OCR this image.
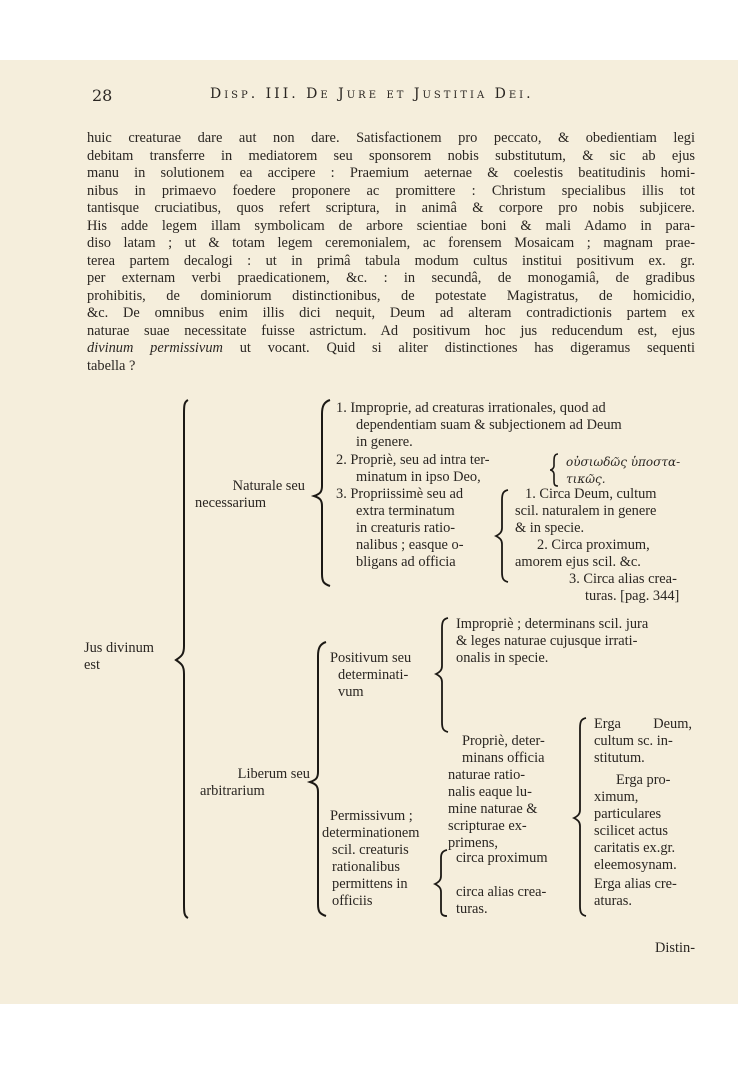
28	Disp. III. De Jure et Justitia Dei.
huic creaturae dare aut non dare. Satisfactionem pro peccato, & obedientiam legi
debitam transferre in mediatorem seu sponsorem nobis substitutum, & sic ab ejus
manu in solutionem ea accipere : Praemium aeternae & coelestis beatitudinis homi-
nibus in primaevo foedere proponere ac promittere : Christum specialibus illis tot
tantisque cruciatibus, quos refert scriptura, in animâ & corpore pro nobis subjicere.
His adde legem illam symbolicam de arbore scientiae boni & mali Adamo in para-
diso latam ; ut & totam legem ceremonialem, ac forensem Mosaicam ; magnam prae-
terea partem decalogi : ut in primâ tabula modum cultus institui positivum ex. gr.
per externam verbi praedicationem, &c. : in secundâ, de monogamiâ, de gradibus
prohibitis, de dominiorum distinctionibus, de potestate Magistratus, de homicidio,
&c. De omnibus enim illis dici nequit, Deum ad alteram contradictionis partem ex
naturae suae necessitate fuisse astrictum. Ad positivum hoc jus reducendum est, ejus
divinum permissivum ut vocant. Quid si aliter distinctiones has digeramus sequenti
tabella ?
Jus divinum
est
Naturale seu
necessarium
Liberum seu
arbitrarium
1. Improprie, ad creaturas irrationales, quod ad
dependentiam suam & subjectionem ad Deum
in genere.
2. Propriè, seu ad intra ter-
minatum in ipso Deo,
οὐσιωδῶς ὑποστα-
τικῶς.
3. Propriissimè seu ad
extra terminatum
in creaturis ratio-
nalibus ; easque o-
bligans ad officia
1. Circa Deum, cultum
scil. naturalem in genere
& in specie.
2. Circa proximum,
amorem ejus scil. &c.
3. Circa alias crea-
turas. [pag. 344]
Positivum seu
determinati-
vum
Impropriè ; determinans scil. jura
& leges naturae cujusque irrati-
onalis in specie.
Propriè, deter-
minans officia
naturae ratio-
nalis eaque lu-
mine naturae &
scripturae ex-
primens,
Erga Deum,
cultum sc. in-
stitutum.
Erga pro-
ximum,
particulares
scilicet actus
caritatis ex.gr.
eleemosynam.
Erga alias cre-
aturas.
Permissivum ;
determinationem
scil. creaturis
rationalibus
permittens in
officiis
circa proximum
circa alias crea-
turas.
Distin-
